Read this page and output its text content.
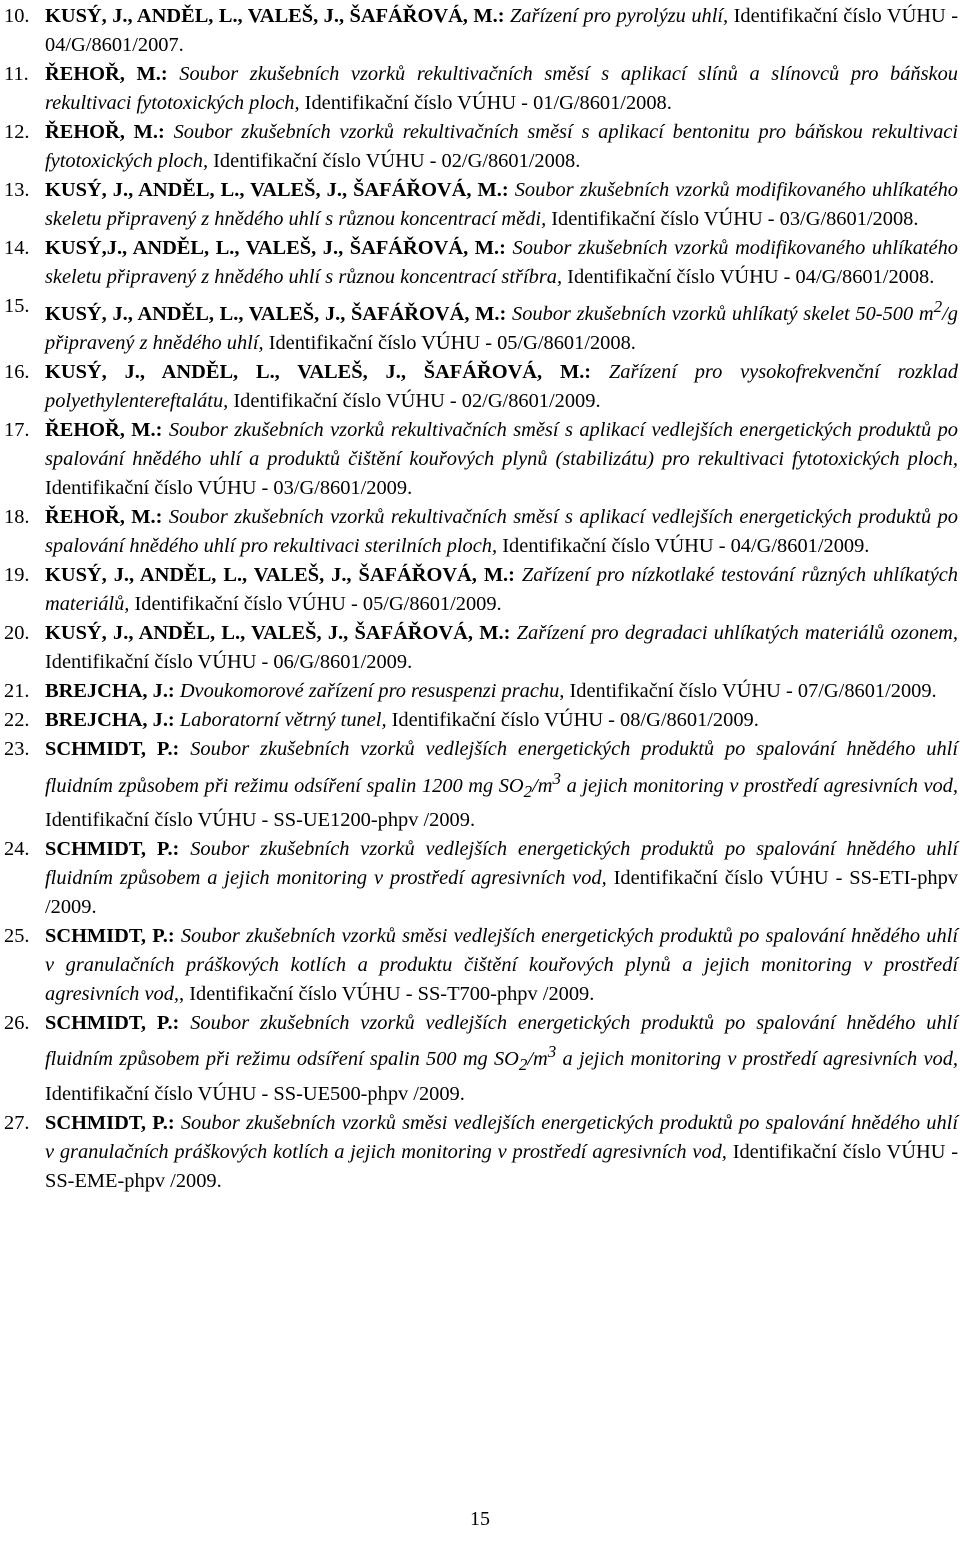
10. KUSÝ, J., ANDĚL, L., VALEŠ, J., ŠAFÁŘOVÁ, M.: Zařízení pro pyrolýzu uhlí, Identifikační číslo VÚHU - 04/G/8601/2007.
11. ŘEHOŘ, M.: Soubor zkušebních vzorků rekultivačních směsí s aplikací slínů a slínovců pro báňskou rekultivaci fytotoxických ploch, Identifikační číslo VÚHU - 01/G/8601/2008.
12. ŘEHOŘ, M.: Soubor zkušebních vzorků rekultivačních směsí s aplikací bentonitu pro báňskou rekultivaci fytotoxických ploch, Identifikační číslo VÚHU - 02/G/8601/2008.
13. KUSÝ, J., ANDĚL, L., VALEŠ, J., ŠAFÁŘOVÁ, M.: Soubor zkušebních vzorků modifikovaného uhlíkatého skeletu připravený z hnědého uhlí s různou koncentrací mědi, Identifikační číslo VÚHU - 03/G/8601/2008.
14. KUSÝ,J., ANDĚL, L., VALEŠ, J., ŠAFÁŘOVÁ, M.: Soubor zkušebních vzorků modifikovaného uhlíkatého skeletu připravený z hnědého uhlí s různou koncentrací stříbra, Identifikační číslo VÚHU - 04/G/8601/2008.
15. KUSÝ, J., ANDĚL, L., VALEŠ, J., ŠAFÁŘOVÁ, M.: Soubor zkušebních vzorků uhlíkatý skelet 50-500 $m^2/g$ připravený z hnědého uhlí, Identifikační číslo VÚHU - 05/G/8601/2008.
16. KUSÝ, J., ANDĚL, L., VALEŠ, J., ŠAFÁŘOVÁ, M.: Zařízení pro vysokofrekvenční rozklad polyethylentereftalátu, Identifikační číslo VÚHU - 02/G/8601/2009.
17. ŘEHOŘ, M.: Soubor zkušebních vzorků rekultivačních směsí s aplikací vedlejších energetických produktů po spalování hnědého uhlí a produktů čištění kouřových plynů (stabilizátu) pro rekultivaci fytotoxických ploch, Identifikační číslo VÚHU - 03/G/8601/2009.
18. ŘEHOŘ, M.: Soubor zkušebních vzorků rekultivačních směsí s aplikací vedlejších energetických produktů po spalování hnědého uhlí pro rekultivaci sterilních ploch, Identifikační číslo VÚHU - 04/G/8601/2009.
19. KUSÝ, J., ANDĚL, L., VALEŠ, J., ŠAFÁŘOVÁ, M.: Zařízení pro nízkotlaké testování různých uhlíkatých materiálů, Identifikační číslo VÚHU - 05/G/8601/2009.
20. KUSÝ, J., ANDĚL, L., VALEŠ, J., ŠAFÁŘOVÁ, M.: Zařízení pro degradaci uhlíkatých materiálů ozonem, Identifikační číslo VÚHU - 06/G/8601/2009.
21. BREJCHA, J.: Dvoukomorové zařízení pro resuspenzi prachu, Identifikační číslo VÚHU - 07/G/8601/2009.
22. BREJCHA, J.: Laboratorní větrný tunel, Identifikační číslo VÚHU - 08/G/8601/2009.
23. SCHMIDT, P.: Soubor zkušebních vzorků vedlejších energetických produktů po spalování hnědého uhlí fluidním způsobem při režimu odsíření spalin 1200 mg $SO_2/m^3$ a jejich monitoring v prostředí agresivních vod, Identifikační číslo VÚHU - SS-UE1200-phpv /2009.
24. SCHMIDT, P.: Soubor zkušebních vzorků vedlejších energetických produktů po spalování hnědého uhlí fluidním způsobem a jejich monitoring v prostředí agresivních vod, Identifikační číslo VÚHU - SS-ETI-phpv /2009.
25. SCHMIDT, P.: Soubor zkušebních vzorků směsi vedlejších energetických produktů po spalování hnědého uhlí v granulačních práškových kotlích a produktu čištění kouřových plynů a jejich monitoring v prostředí agresivních vod,, Identifikační číslo VÚHU - SS-T700-phpv /2009.
26. SCHMIDT, P.: Soubor zkušebních vzorků vedlejších energetických produktů po spalování hnědého uhlí fluidním způsobem při režimu odsíření spalin 500 mg $SO_2/m^3$ a jejich monitoring v prostředí agresivních vod, Identifikační číslo VÚHU - SS-UE500-phpv /2009.
27. SCHMIDT, P.: Soubor zkušebních vzorků směsi vedlejších energetických produktů po spalování hnědého uhlí v granulačních práškových kotlích a jejich monitoring v prostředí agresivních vod, Identifikační číslo VÚHU - SS-EME-phpv /2009.
15
